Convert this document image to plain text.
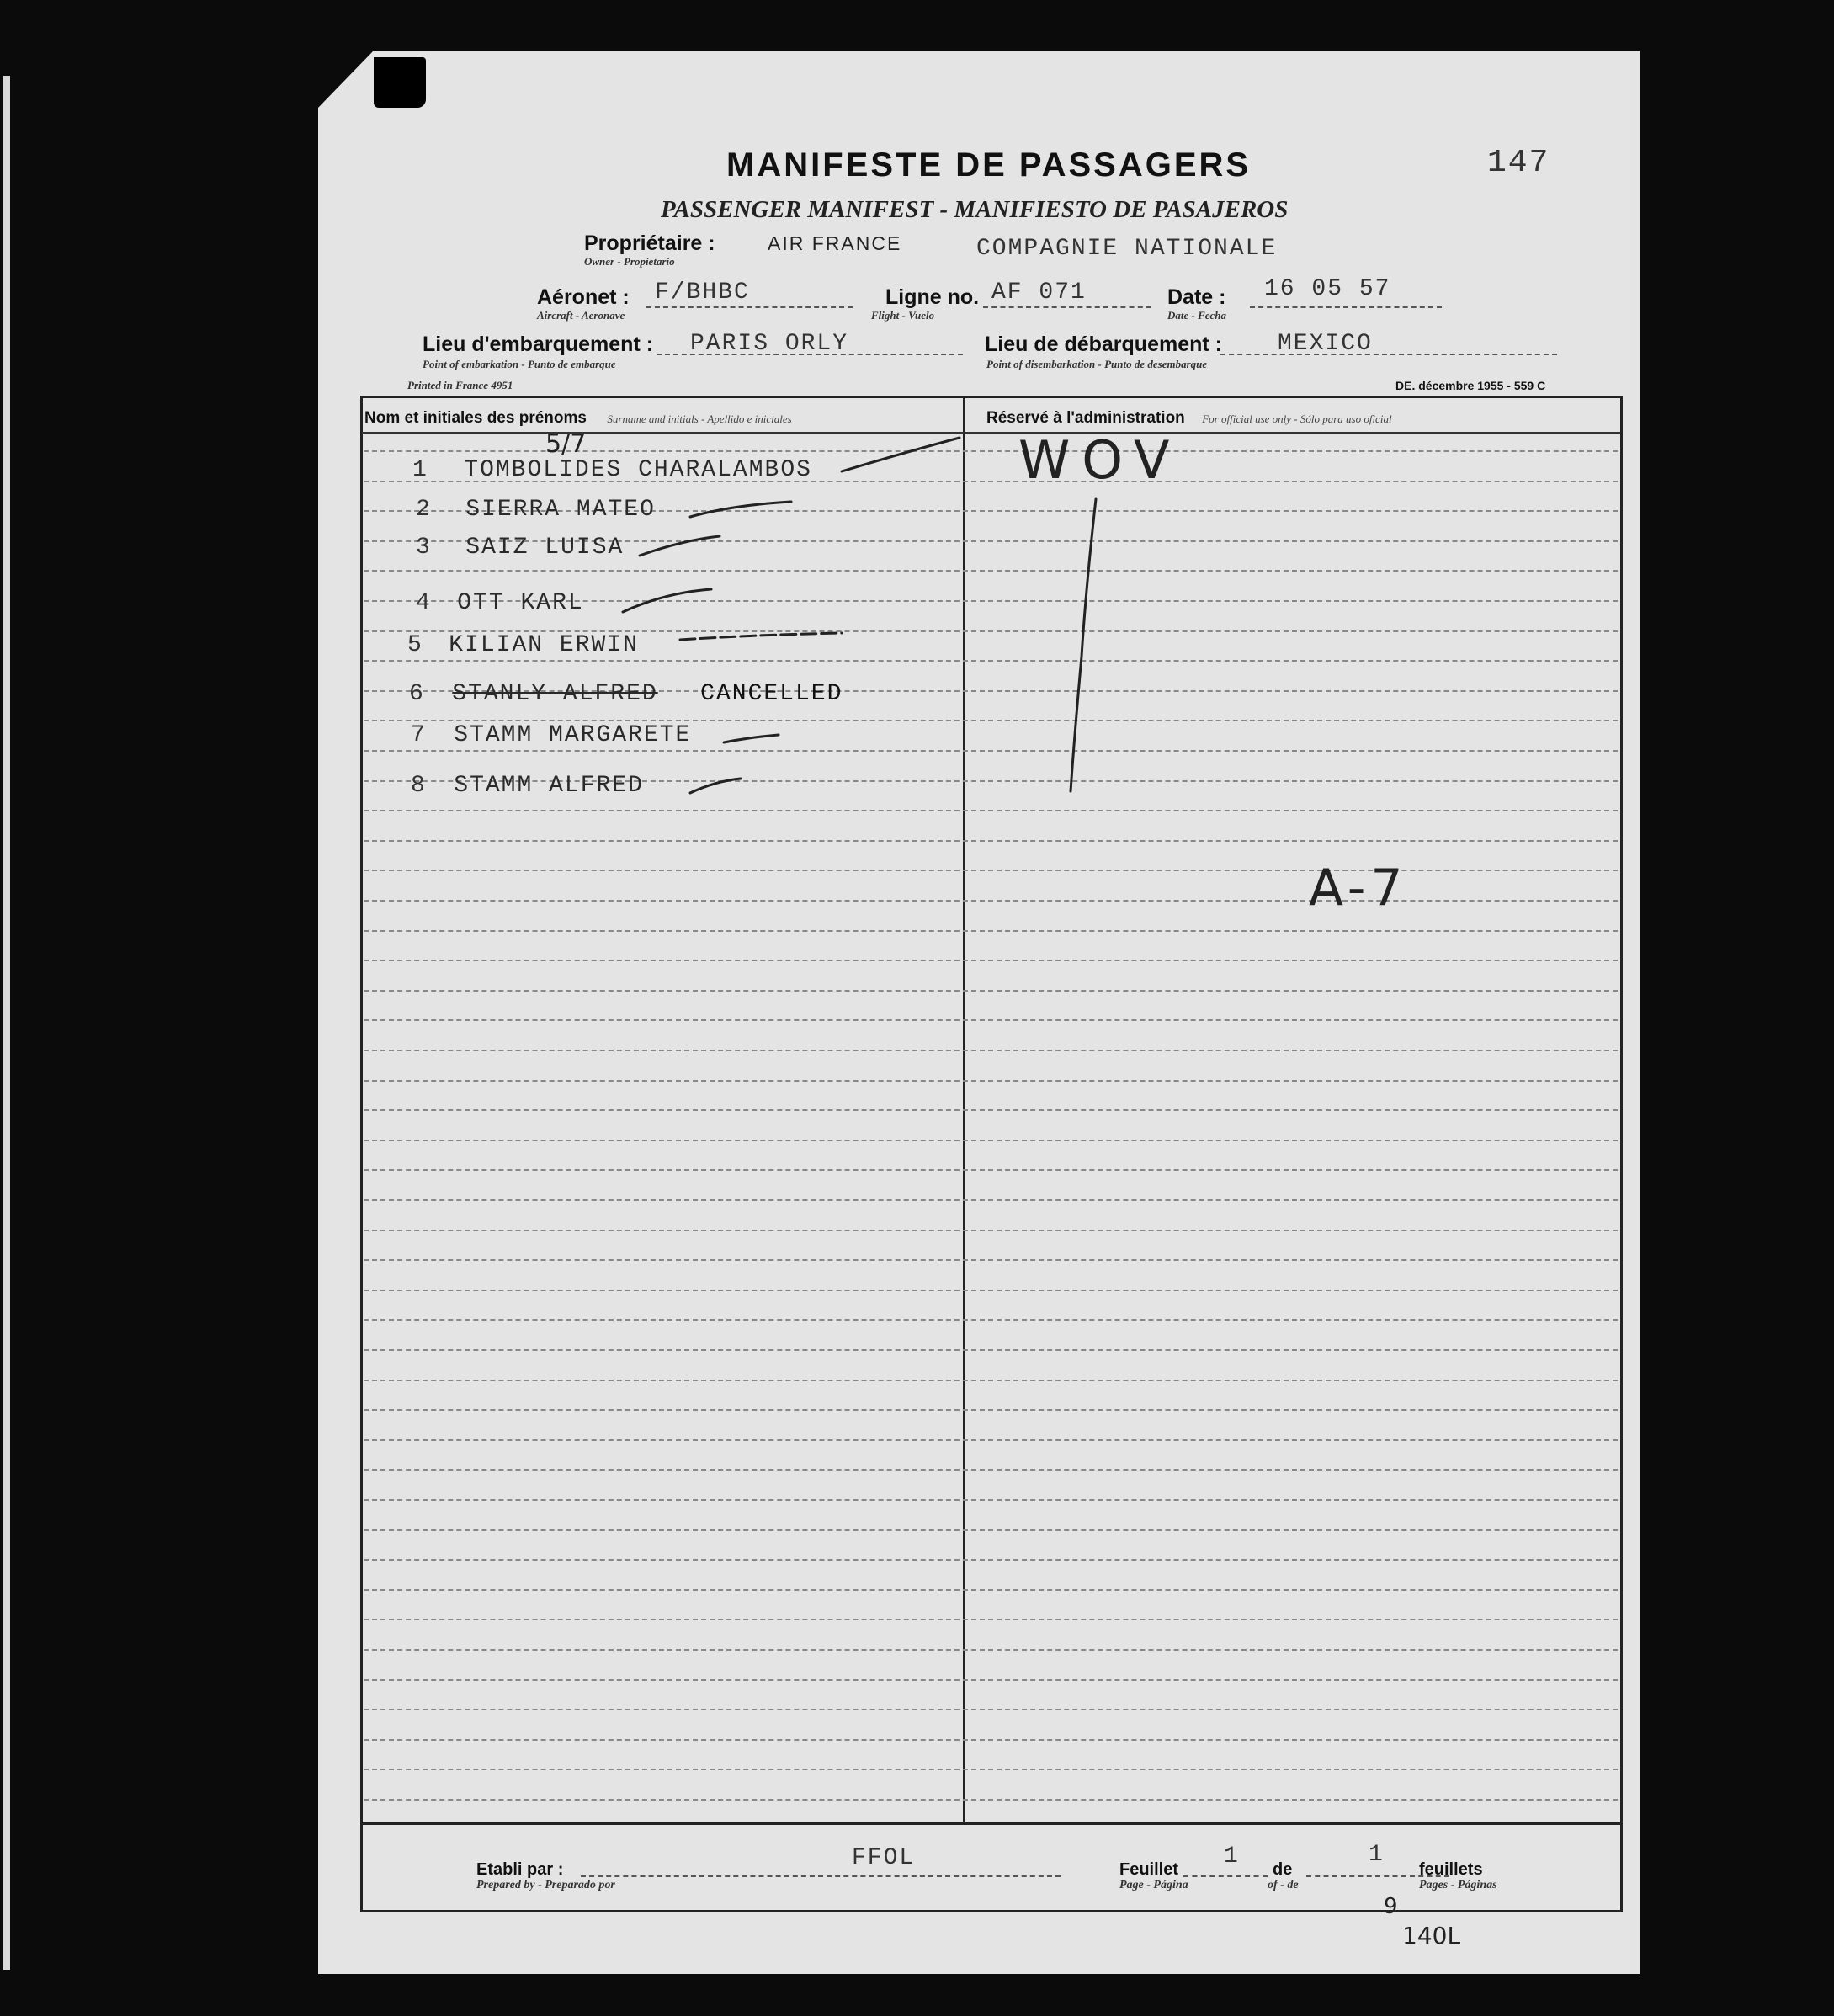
MANIFESTE DE PASSAGERS	147
PASSENGER MANIFEST - MANIFIESTO DE PASAJEROS
Propriétaire :
Owner - Propietario
AIR FRANCE	COMPAGNIE NATIONALE
Aéronet :
Aircraft - Aeronave
F/BHBC	Ligne no.
Flight - Vuelo
AF 071	Date :
Date - Fecha
16 05 57
Lieu d'embarquement :
Point of embarkation - Punto de embarque
PARIS ORLY	Lieu de débarquement :
Point of disembarkation - Punto de desembarque
MEXICO
Printed in France 4951	DE. décembre 1955 - 559 C
Nom et initiales des prénoms Surname and initials - Apellido e iniciales	Réservé à l'administration For official use only - Sólo para uso oficial
1 TOMBOLIDES CHARALAMBOS
2 SIERRA MATEO
3 SAIZ LUISA
4 OTT KARL
5 KILIAN ERWIN
6 STANLY ALFRED CANCELLED
7 STAMM MARGARETE
8 STAMM ALFRED
5/7	WOV
A-7
Etabli par :
Prepared by - Preparado por
FFOL	Feuillet
Page - Página
1 de
of - de
1
feuillets
Pages - Páginas
9
140L
